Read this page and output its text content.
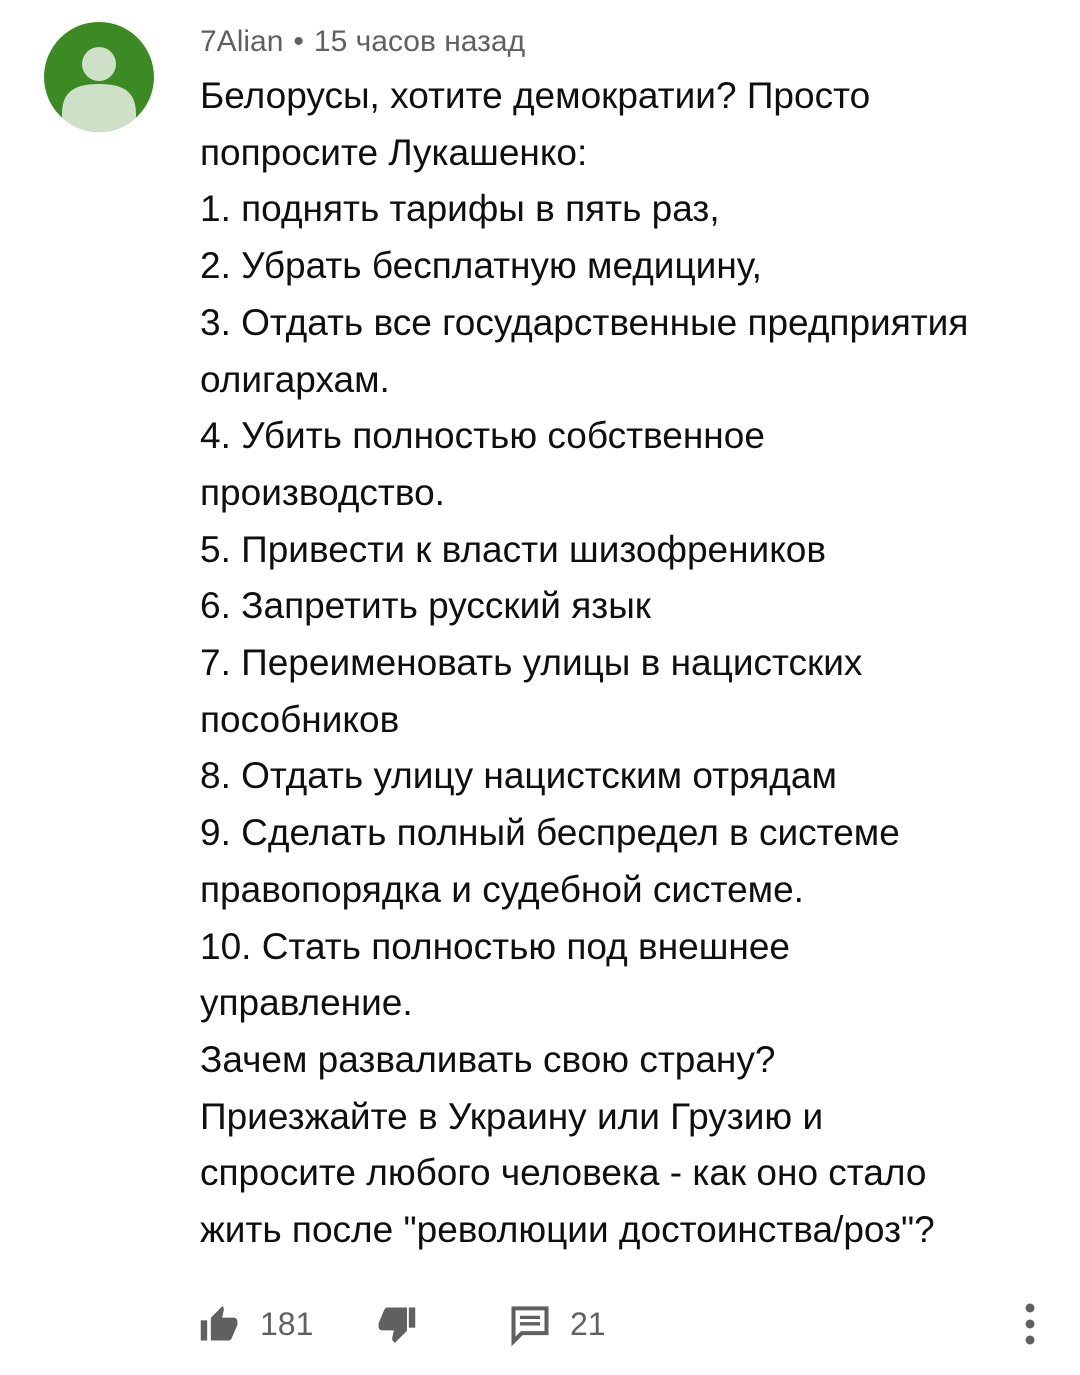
7Alian • 15 часов назад
Белорусы, хотите демократии? Просто
попросите Лукашенко:
1. поднять тарифы в пять раз,
2. Убрать бесплатную медицину,
3. Отдать все государственные предприятия
олигархам.
4. Убить полностью собственное
производство.
5. Привести к власти шизофреников
6. Запретить русский язык
7. Переименовать улицы в нацистских
пособников
8. Отдать улицу нацистским отрядам
9. Сделать полный беспредел в системе
правопорядка и судебной системе.
10. Стать полностью под внешнее
управление.
Зачем разваливать свою страну?
Приезжайте в Украину или Грузию и
спросите любого человека - как оно стало
жить после "революции достоинства/роз"?
181	21
